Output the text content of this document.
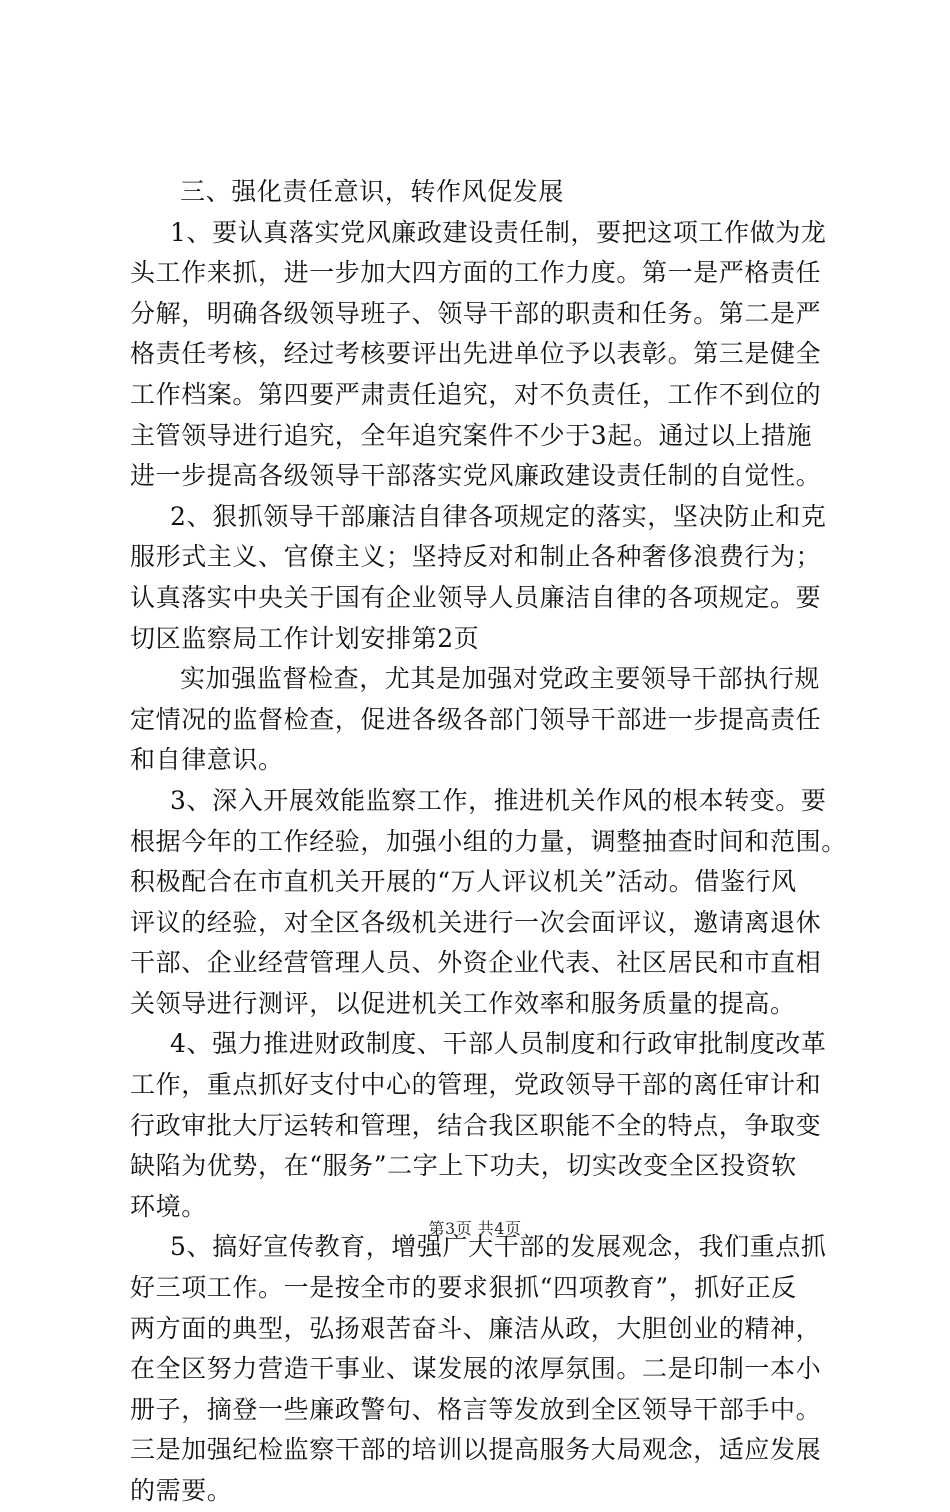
三、强化责任意识，转作风促发展
1、要认真落实党风廉政建设责任制，要把这项工作做为龙
头工作来抓，进一步加大四方面的工作力度。第一是严格责任
分解，明确各级领导班子、领导干部的职责和任务。第二是严
格责任考核，经过考核要评出先进单位予以表彰。第三是健全
工作档案。第四要严肃责任追究，对不负责任，工作不到位的
主管领导进行追究，全年追究案件不少于3起。通过以上措施
进一步提高各级领导干部落实党风廉政建设责任制的自觉性。
2、狠抓领导干部廉洁自律各项规定的落实，坚决防止和克
服形式主义、官僚主义；坚持反对和制止各种奢侈浪费行为；
认真落实中央关于国有企业领导人员廉洁自律的各项规定。要
切区监察局工作计划安排第2页
实加强监督检查，尤其是加强对党政主要领导干部执行规
定情况的监督检查，促进各级各部门领导干部进一步提高责任
和自律意识。
3、深入开展效能监察工作，推进机关作风的根本转变。要
根据今年的工作经验，加强小组的力量，调整抽查时间和范围。
积极配合在市直机关开展的“万人评议机关”活动。借鉴行风
评议的经验，对全区各级机关进行一次会面评议，邀请离退休
干部、企业经营管理人员、外资企业代表、社区居民和市直相
关领导进行测评，以促进机关工作效率和服务质量的提高。
4、强力推进财政制度、干部人员制度和行政审批制度改革
工作，重点抓好支付中心的管理，党政领导干部的离任审计和
行政审批大厅运转和管理，结合我区职能不全的特点，争取变
缺陷为优势，在“服务”二字上下功夫，切实改变全区投资软
环境。
5、搞好宣传教育，增强广大干部的发展观念，我们重点抓
好三项工作。一是按全市的要求狠抓“四项教育”，抓好正反
两方面的典型，弘扬艰苦奋斗、廉洁从政，大胆创业的精神，
在全区努力营造干事业、谋发展的浓厚氛围。二是印制一本小
册子，摘登一些廉政警句、格言等发放到全区领导干部手中。
三是加强纪检监察干部的培训以提高服务大局观念，适应发展
的需要。
第3页 共4页
